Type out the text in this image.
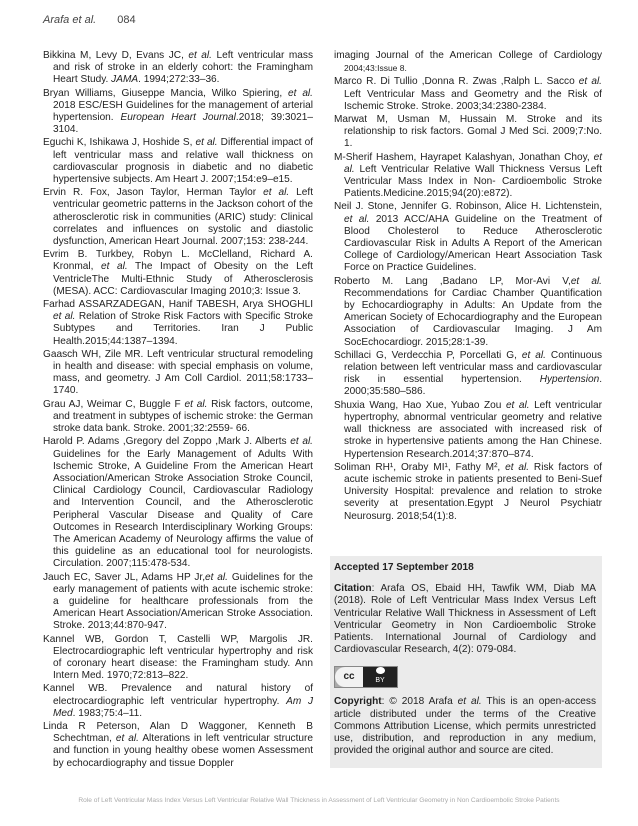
Arafa et al. 084
Bikkina M, Levy D, Evans JC, et al. Left ventricular mass and risk of stroke in an elderly cohort: the Framingham Heart Study. JAMA. 1994;272:33–36.
Bryan Williams, Giuseppe Mancia, Wilko Spiering, et al. 2018 ESC/ESH Guidelines for the management of arterial hypertension. European Heart Journal.2018; 39:3021–3104.
Eguchi K, Ishikawa J, Hoshide S, et al. Differential impact of left ventricular mass and relative wall thickness on cardiovascular prognosis in diabetic and no diabetic hypertensive subjects. Am Heart J. 2007;154:e9–e15.
Ervin R. Fox, Jason Taylor, Herman Taylor et al. Left ventricular geometric patterns in the Jackson cohort of the atherosclerotic risk in communities (ARIC) study: Clinical correlates and influences on systolic and diastolic dysfunction, American Heart Journal. 2007;153: 238-244.
Evrim B. Turkbey, Robyn L. McClelland, Richard A. Kronmal, et al. The Impact of Obesity on the Left VentricleThe Multi-Ethnic Study of Atherosclerosis (MESA). ACC: Cardiovascular Imaging 2010;3: Issue 3.
Farhad ASSARZADEGAN, Hanif TABESH, Arya SHOGHLI et al. Relation of Stroke Risk Factors with Specific Stroke Subtypes and Territories. Iran J Public Health.2015;44:1387–1394.
Gaasch WH, Zile MR. Left ventricular structural remodeling in health and disease: with special emphasis on volume, mass, and geometry. J Am Coll Cardiol. 2011;58:1733–1740.
Grau AJ, Weimar C, Buggle F et al. Risk factors, outcome, and treatment in subtypes of ischemic stroke: the German stroke data bank. Stroke. 2001;32:2559- 66.
Harold P. Adams ,Gregory del Zoppo ,Mark J. Alberts et al. Guidelines for the Early Management of Adults With Ischemic Stroke, A Guideline From the American Heart Association/American Stroke Association Stroke Council, Clinical Cardiology Council, Cardiovascular Radiology and Intervention Council, and the Atherosclerotic Peripheral Vascular Disease and Quality of Care Outcomes in Research Interdisciplinary Working Groups: The American Academy of Neurology affirms the value of this guideline as an educational tool for neurologists. Circulation. 2007;115:478-534.
Jauch EC, Saver JL, Adams HP Jr,et al. Guidelines for the early management of patients with acute ischemic stroke: a guideline for healthcare professionals from the American Heart Association/American Stroke Association. Stroke. 2013;44:870-947.
Kannel WB, Gordon T, Castelli WP, Margolis JR. Electrocardiographic left ventricular hypertrophy and risk of coronary heart disease: the Framingham study. Ann Intern Med. 1970;72:813–822.
Kannel WB. Prevalence and natural history of electrocardiographic left ventricular hypertrophy. Am J Med. 1983;75:4–11.
Linda R Peterson, Alan D Waggoner, Kenneth B Schechtman, et al. Alterations in left ventricular structure and function in young healthy obese women Assessment by echocardiography and tissue Doppler
imaging Journal of the American College of Cardiology 2004;43:Issue 8.
Marco R. Di Tullio ,Donna R. Zwas ,Ralph L. Sacco et al. Left Ventricular Mass and Geometry and the Risk of Ischemic Stroke. Stroke. 2003;34:2380-2384.
Marwat M, Usman M, Hussain M. Stroke and its relationship to risk factors. Gomal J Med Sci. 2009;7:No. 1.
M-Sherif Hashem, Hayrapet Kalashyan, Jonathan Choy, et al. Left Ventricular Relative Wall Thickness Versus Left Ventricular Mass Index in Non- Cardioembolic Stroke Patients.Medicine.2015;94(20):e872).
Neil J. Stone, Jennifer G. Robinson, Alice H. Lichtenstein, et al. 2013 ACC/AHA Guideline on the Treatment of Blood Cholesterol to Reduce Atherosclerotic Cardiovascular Risk in Adults A Report of the American College of Cardiology/American Heart Association Task Force on Practice Guidelines.
Roberto M. Lang ,Badano LP, Mor-Avi V,et al. Recommendations for Cardiac Chamber Quantification by Echocardiography in Adults: An Update from the American Society of Echocardiography and the European Association of Cardiovascular Imaging. J Am SocEchocardiogr. 2015;28:1-39.
Schillaci G, Verdecchia P, Porcellati G, et al. Continuous relation between left ventricular mass and cardiovascular risk in essential hypertension. Hypertension. 2000;35:580–586.
Shuxia Wang, Hao Xue, Yubao Zou et al. Left ventricular hypertrophy, abnormal ventricular geometry and relative wall thickness are associated with increased risk of stroke in hypertensive patients among the Han Chinese. Hypertension Research.2014;37:870–874.
Soliman RH¹, Oraby MI¹, Fathy M², et al. Risk factors of acute ischemic stroke in patients presented to Beni-Suef University Hospital: prevalence and relation to stroke severity at presentation.Egypt J Neurol Psychiatr Neurosurg. 2018;54(1):8.
Accepted 17 September 2018
Citation: Arafa OS, Ebaid HH, Tawfik WM, Diab MA (2018). Role of Left Ventricular Mass Index Versus Left Ventricular Relative Wall Thickness in Assessment of Left Ventricular Geometry in Non Cardioembolic Stroke Patients. International Journal of Cardiology and Cardiovascular Research, 4(2): 079-084.
cc	BY
Copyright: © 2018 Arafa et al. This is an open-access article distributed under the terms of the Creative Commons Attribution License, which permits unrestricted use, distribution, and reproduction in any medium, provided the original author and source are cited.
Role of Left Ventricular Mass Index Versus Left Ventricular Relative Wall Thickness in Assessment of Left Ventricular Geometry in Non Cardioembolic Stroke Patients
